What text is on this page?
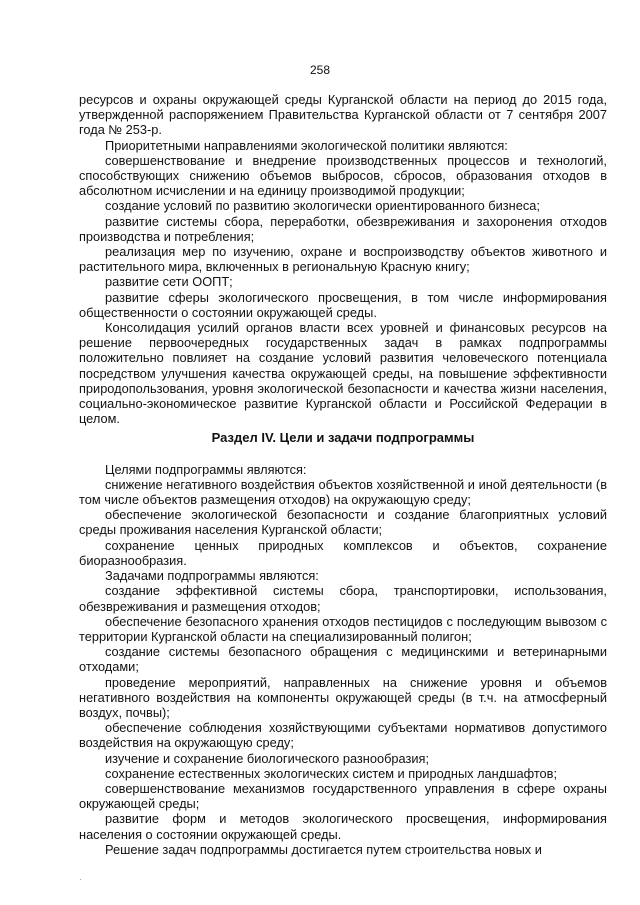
258

ресурсов и охраны окружающей среды Курганской области на период до 2015 года, утвержденной распоряжением Правительства Курганской области от 7 сентября 2007 года № 253-р.

Приоритетными направлениями экологической политики являются:

совершенствование и внедрение производственных процессов и технологий, способствующих снижению объемов выбросов, сбросов, образования отходов в абсолютном исчислении и на единицу производимой продукции;

создание условий по развитию экологически ориентированного бизнеса;

развитие системы сбора, переработки, обезвреживания и захоронения отходов производства и потребления;

реализация мер по изучению, охране и воспроизводству объектов животного и растительного мира, включенных в региональную Красную книгу;

развитие сети ООПТ;

развитие сферы экологического просвещения, в том числе информирования общественности о состоянии окружающей среды.

Консолидация усилий органов власти всех уровней и финансовых ресурсов на решение первоочередных государственных задач в рамках подпрограммы положительно повлияет на создание условий развития человеческого потенциала посредством улучшения качества окружающей среды, на повышение эффективности природопользования, уровня экологической безопасности и качества жизни населения, социально-экономическое развитие Курганской области и Российской Федерации в целом.

Раздел IV. Цели и задачи подпрограммы

Целями подпрограммы являются:

снижение негативного воздействия объектов хозяйственной и иной деятельности (в том числе объектов размещения отходов) на окружающую среду;

обеспечение экологической безопасности и создание благоприятных условий среды проживания населения Курганской области;

сохранение ценных природных комплексов и объектов, сохранение биоразнообразия.

Задачами подпрограммы являются:

создание эффективной системы сбора, транспортировки, использования, обезвреживания и размещения отходов;

обеспечение безопасного хранения отходов пестицидов с последующим вывозом с территории Курганской области на специализированный полигон;

создание системы безопасного обращения с медицинскими и ветеринарными отходами;

проведение мероприятий, направленных на снижение уровня и объемов негативного воздействия на компоненты окружающей среды (в т.ч. на атмосферный воздух, почвы);

обеспечение соблюдения хозяйствующими субъектами нормативов допустимого воздействия на окружающую среду;

изучение и сохранение биологического разнообразия;

сохранение естественных экологических систем и природных ландшафтов;

совершенствование механизмов государственного управления в сфере охраны окружающей среды;

развитие форм и методов экологического просвещения, информирования населения о состоянии окружающей среды.

Решение задач подпрограммы достигается путем строительства новых и

·
